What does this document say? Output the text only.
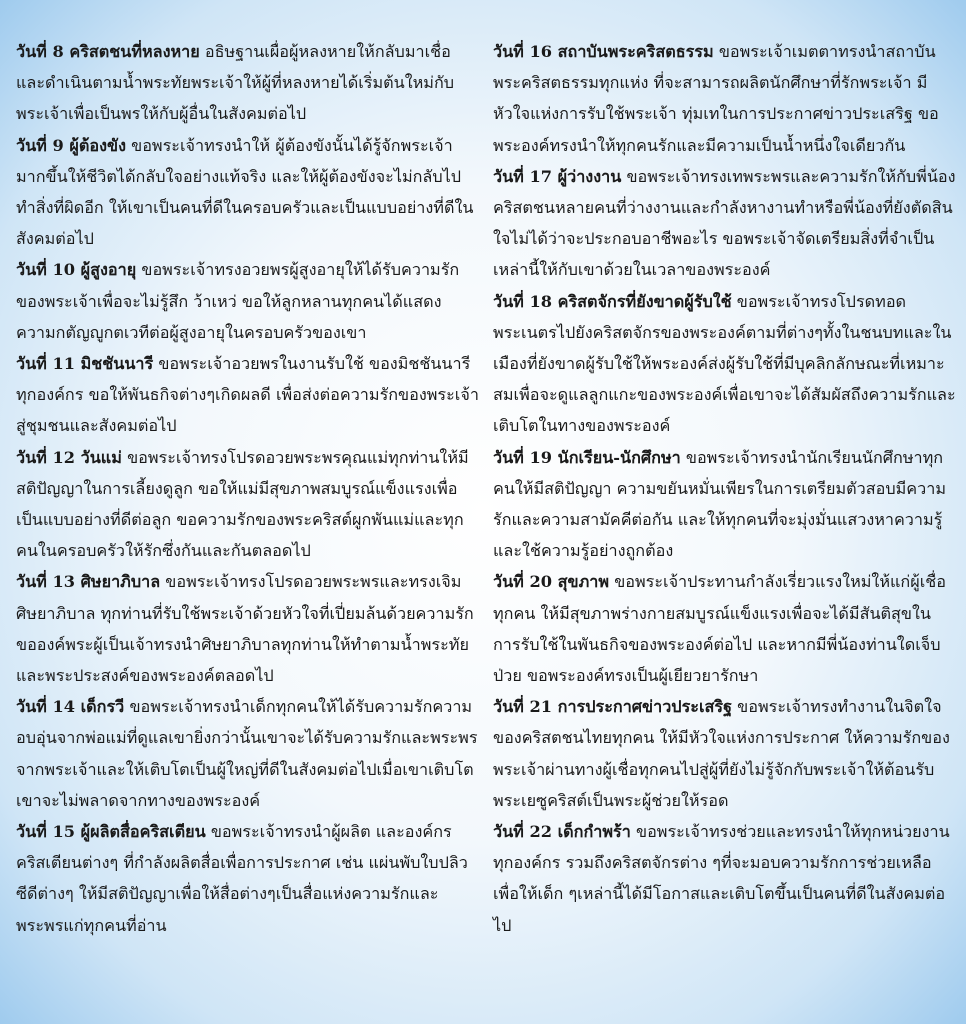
วันที่ 8 คริสตชนที่หลงหาย อธิษฐานเผื่อผู้หลงหายให้กลับมาเชื่อและดำเนินตามน้ำพระทัยพระเจ้าให้ผู้ที่หลงหายได้เริ่มต้นใหม่กับพระเจ้าเพื่อเป็นพรให้กับผู้อื่นในสังคมต่อไป

วันที่ 9 ผู้ต้องขัง ขอพระเจ้าทรงนำให้ ผู้ต้องขังนั้นได้รู้จักพระเจ้ามากขึ้นให้ชีวิตได้กลับใจอย่างแท้จริง และให้ผู้ต้องขังจะไม่กลับไปทำสิ่งที่ผิดอีก ให้เขาเป็นคนที่ดีในครอบครัวและเป็นแบบอย่างที่ดีในสังคมต่อไป

วันที่ 10 ผู้สูงอายุ ขอพระเจ้าทรงอวยพรผู้สูงอายุให้ได้รับความรักของพระเจ้าเพื่อจะไม่รู้สึก ว้าเหว่ ขอให้ลูกหลานทุกคนได้แสดงความกตัญญูกตเวทีต่อผู้สูงอายุในครอบครัวของเขา

วันที่ 11 มิชชันนารี ขอพระเจ้าอวยพรในงานรับใช้ ของมิชชันนารีทุกองค์กร ขอให้พันธกิจต่างๆเกิดผลดี เพื่อส่งต่อความรักของพระเจ้าสู่ชุมชนและสังคมต่อไป

วันที่ 12 วันแม่ ขอพระเจ้าทรงโปรดอวยพระพรคุณแม่ทุกท่านให้มีสติปัญญาในการเลี้ยงดูลูก ขอให้แม่มีสุขภาพสมบูรณ์แข็งแรงเพื่อเป็นแบบอย่างที่ดีต่อลูก ขอความรักของพระคริสต์ผูกพันแม่และทุกคนในครอบครัวให้รักซึ่งกันและกันตลอดไป

วันที่ 13 ศิษยาภิบาล ขอพระเจ้าทรงโปรดอวยพระพรและทรงเจิมศิษยาภิบาล ทุกท่านที่รับใช้พระเจ้าด้วยหัวใจที่เปี่ยมล้นด้วยความรัก ขอองค์พระผู้เป็นเจ้าทรงนำศิษยาภิบาลทุกท่านให้ทำตามน้ำพระทัยและพระประสงค์ของพระองค์ตลอดไป

วันที่ 14 เด็กรวี ขอพระเจ้าทรงนำเด็กทุกคนให้ได้รับความรักความอบอุ่นจากพ่อแม่ที่ดูแลเขายิ่งกว่านั้นเขาจะได้รับความรักและพระพรจากพระเจ้าและให้เติบโตเป็นผู้ใหญ่ที่ดีในสังคมต่อไปเมื่อเขาเติบโตเขาจะไม่พลาดจากทางของพระองค์

วันที่ 15 ผู้ผลิตสื่อคริสเตียน ขอพระเจ้าทรงนำผู้ผลิต และองค์กรคริสเตียนต่างๆ ที่กำลังผลิตสื่อเพื่อการประกาศ เช่น แผ่นพับใบปลิว ซีดีต่างๆ ให้มีสติปัญญาเพื่อให้สื่อต่างๆเป็นสื่อแห่งความรักและพระพรแก่ทุกคนที่อ่าน

วันที่ 16 สถาบันพระคริสตธรรม ขอพระเจ้าเมตตาทรงนำสถาบันพระคริสตธรรมทุกแห่ง ที่จะสามารถผลิตนักศึกษาที่รักพระเจ้า มีหัวใจแห่งการรับใช้พระเจ้า ทุ่มเทในการประกาศข่าวประเสริฐ ขอพระองค์ทรงนำให้ทุกคนรักและมีความเป็นน้ำหนึ่งใจเดียวกัน

วันที่ 17 ผู้ว่างงาน ขอพระเจ้าทรงเทพระพรและความรักให้กับพี่น้องคริสตชนหลายคนที่ว่างงานและกำลังหางานทำหรือพี่น้องที่ยังตัดสินใจไม่ได้ว่าจะประกอบอาชีพอะไร ขอพระเจ้าจัดเตรียมสิ่งที่จำเป็นเหล่านี้ให้กับเขาด้วยในเวลาของพระองค์

วันที่ 18 คริสตจักรที่ยังขาดผู้รับใช้ ขอพระเจ้าทรงโปรดทอดพระเนตรไปยังคริสตจักรของพระองค์ตามที่ต่างๆทั้งในชนบทและในเมืองที่ยังขาดผู้รับใช้ให้พระองค์ส่งผู้รับใช้ที่มีบุคลิกลักษณะที่เหมาะสมเพื่อจะดูแลลูกแกะของพระองค์เพื่อเขาจะได้สัมผัสถึงความรักและเติบโตในทางของพระองค์

วันที่ 19 นักเรียน-นักศึกษา ขอพระเจ้าทรงนำนักเรียนนักศึกษาทุกคนให้มีสติปัญญา ความขยันหมั่นเพียรในการเตรียมตัวสอบมีความรักและความสามัคคีต่อกัน และให้ทุกคนที่จะมุ่งมั่นแสวงหาความรู้และใช้ความรู้อย่างถูกต้อง

วันที่ 20 สุขภาพ ขอพระเจ้าประทานกำลังเรี่ยวแรงใหม่ให้แก่ผู้เชื่อทุกคน ให้มีสุขภาพร่างกายสมบูรณ์แข็งแรงเพื่อจะได้มีสันติสุขในการรับใช้ในพันธกิจของพระองค์ต่อไป และหากมีพี่น้องท่านใดเจ็บป่วย ขอพระองค์ทรงเป็นผู้เยียวยารักษา

วันที่ 21 การประกาศข่าวประเสริฐ ขอพระเจ้าทรงทำงานในจิตใจของคริสตชนไทยทุกคน ให้มีหัวใจแห่งการประกาศ ให้ความรักของพระเจ้าผ่านทางผู้เชื่อทุกคนไปสู่ผู้ที่ยังไม่รู้จักกับพระเจ้าให้ต้อนรับพระเยซูคริสต์เป็นพระผู้ช่วยให้รอด

วันที่ 22 เด็กกำพร้า ขอพระเจ้าทรงช่วยและทรงนำให้ทุกหน่วยงาน ทุกองค์กร รวมถึงคริสตจักรต่าง ๆที่จะมอบความรักการช่วยเหลือ เพื่อให้เด็ก ๆเหล่านี้ได้มีโอกาสและเติบโตขึ้นเป็นคนที่ดีในสังคมต่อไป
